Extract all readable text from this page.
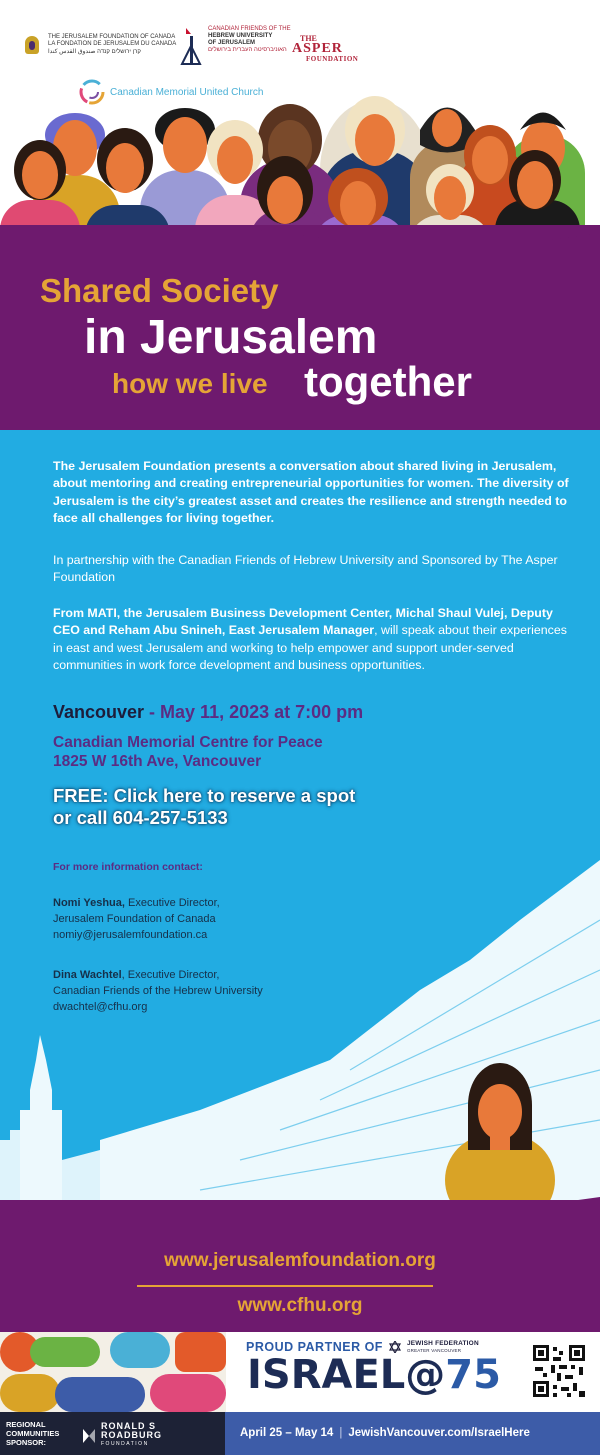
THE JERUSALEM FOUNDATION OF CANADA
LA FONDATION DE JERUSALEM DU CANADA
קרן ירושלים קנדה صندوق القدس كندا
CANADIAN FRIENDS OF THE
HEBREW UNIVERSITY
OF JERUSALEM
האוניברסיטה העברית בירושלים
THE
ASPER
FOUNDATION
Canadian Memorial United Church
Shared Society
in Jerusalem
how we live together
The Jerusalem Foundation presents a conversation about shared living in Jerusalem, about mentoring and creating entrepreneurial opportunities for women. The diversity of Jerusalem is the city’s greatest asset and creates the resilience and strength needed to face all challenges for living together.
In partnership with the Canadian Friends of Hebrew University and Sponsored by The Asper Foundation
From MATI, the Jerusalem Business Development Center, Michal Shaul Vulej, Deputy CEO and Reham Abu Snineh, East Jerusalem Manager, will speak about their experiences in east and west Jerusalem and working to help empower and support under-served communities in work force development and business opportunities.
Vancouver - May 11, 2023 at 7:00 pm
Canadian Memorial Centre for Peace
1825 W 16th Ave, Vancouver
FREE: Click here to reserve a spot
or call 604-257-5133
For more information contact:
Nomi Yeshua, Executive Director,
Jerusalem Foundation of Canada
nomiy@jerusalemfoundation.ca
Dina Wachtel, Executive Director,
Canadian Friends of the Hebrew University
dwachtel@cfhu.org
www.jerusalemfoundation.org
www.cfhu.org
PROUD PARTNER OF	JEWISH FEDERATION
GREATER VANCOUVER
ISRAEL@75
REGIONAL
COMMUNITIES
SPONSOR:
RONALD S
ROADBURG
FOUNDATION
April 25 – May 14 | JewishVancouver.com/IsraelHere
